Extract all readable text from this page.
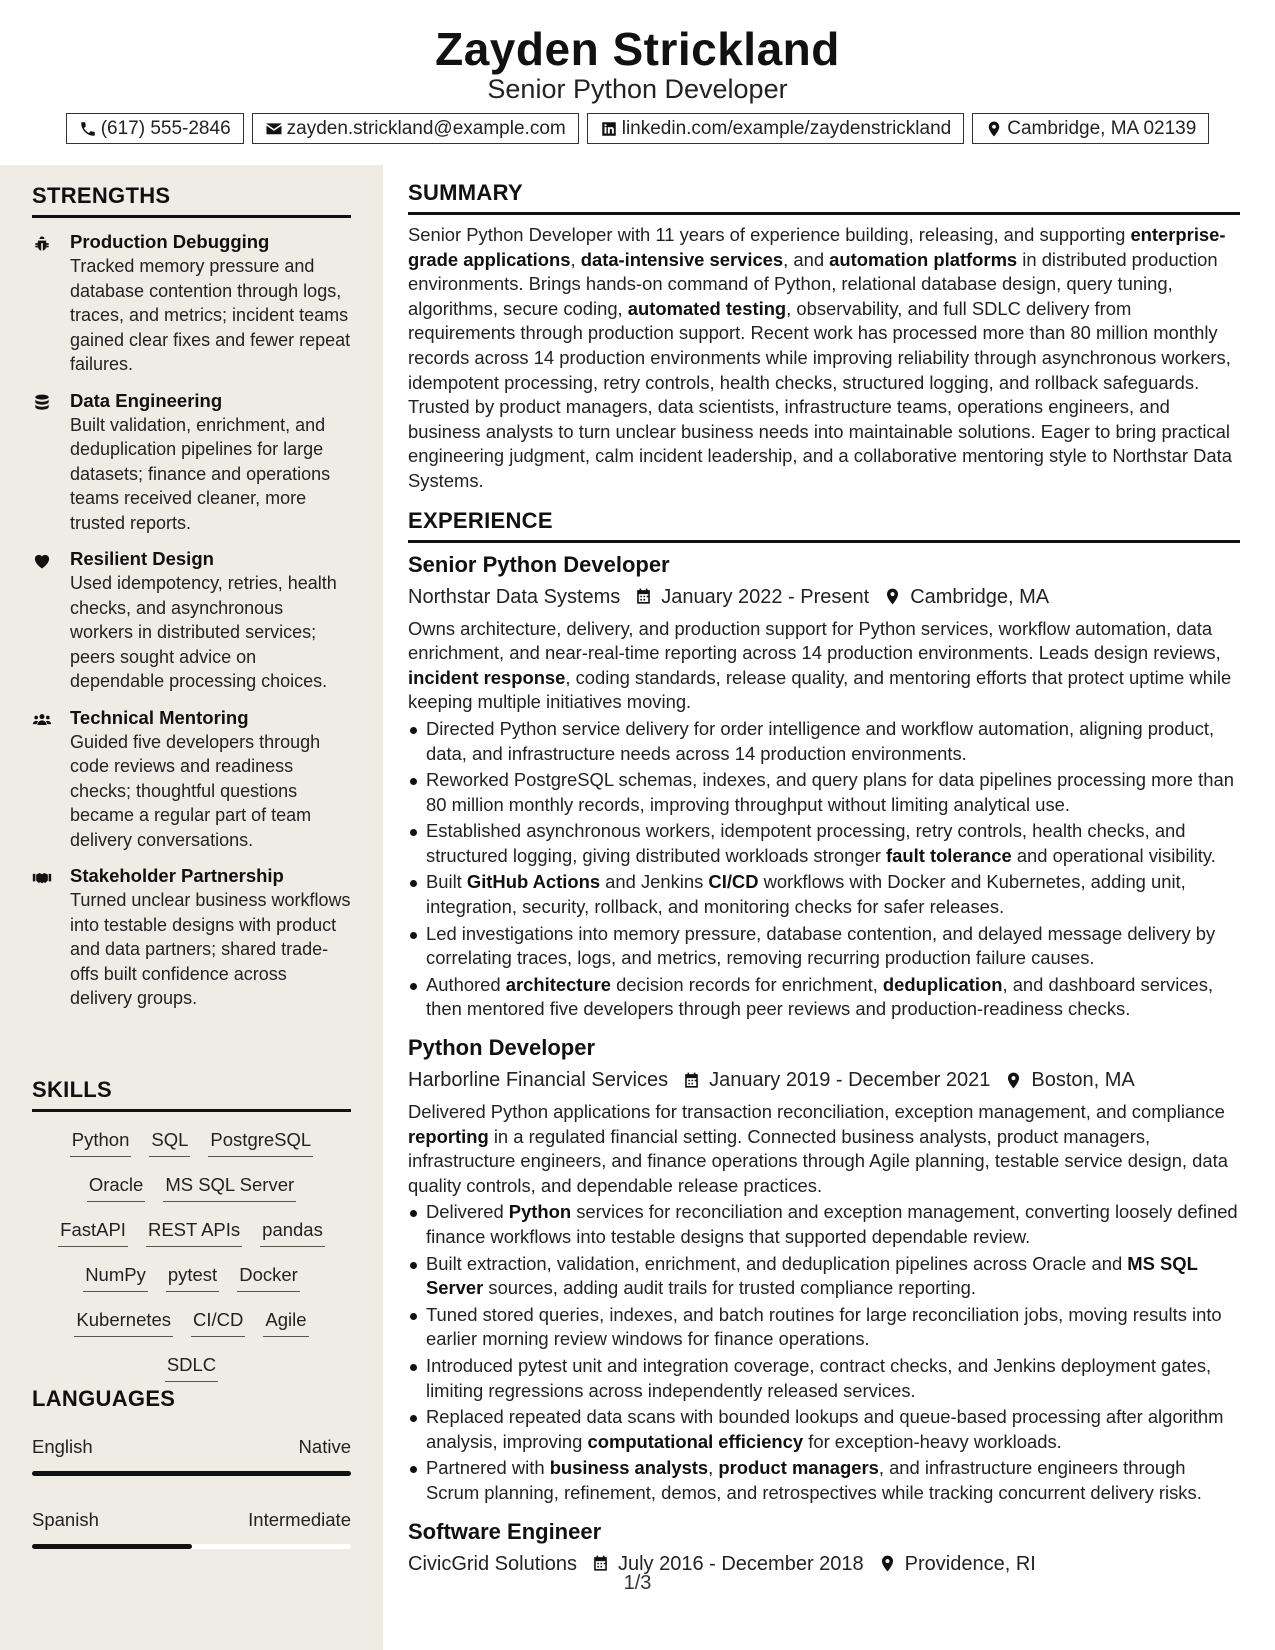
Zayden Strickland
Senior Python Developer
(617) 555-2846	zayden.strickland@example.com	linkedin.com/example/zaydenstrickland	Cambridge, MA 02139
STRENGTHS
Production Debugging
Tracked memory pressure and database contention through logs, traces, and metrics; incident teams gained clear fixes and fewer repeat failures.
Data Engineering
Built validation, enrichment, and deduplication pipelines for large datasets; finance and operations teams received cleaner, more trusted reports.
Resilient Design
Used idempotency, retries, health checks, and asynchronous workers in distributed services; peers sought advice on dependable processing choices.
Technical Mentoring
Guided five developers through code reviews and readiness checks; thoughtful questions became a regular part of team delivery conversations.
Stakeholder Partnership
Turned unclear business workflows into testable designs with product and data partners; shared trade-offs built confidence across delivery groups.
SKILLS
Python SQL PostgreSQL
Oracle MS SQL Server
FastAPI REST APIs pandas
NumPy pytest Docker
Kubernetes CI/CD Agile
SDLC
LANGUAGES
English	Native
Spanish	Intermediate
SUMMARY
Senior Python Developer with 11 years of experience building, releasing, and supporting enterprise-grade applications, data-intensive services, and automation platforms in distributed production environments. Brings hands-on command of Python, relational database design, query tuning, algorithms, secure coding, automated testing, observability, and full SDLC delivery from requirements through production support. Recent work has processed more than 80 million monthly records across 14 production environments while improving reliability through asynchronous workers, idempotent processing, retry controls, health checks, structured logging, and rollback safeguards. Trusted by product managers, data scientists, infrastructure teams, operations engineers, and business analysts to turn unclear business needs into maintainable solutions. Eager to bring practical engineering judgment, calm incident leadership, and a collaborative mentoring style to Northstar Data Systems.
EXPERIENCE
Senior Python Developer
Northstar Data Systems January 2022 - Present Cambridge, MA
Owns architecture, delivery, and production support for Python services, workflow automation, data enrichment, and near-real-time reporting across 14 production environments. Leads design reviews, incident response, coding standards, release quality, and mentoring efforts that protect uptime while keeping multiple initiatives moving.
Directed Python service delivery for order intelligence and workflow automation, aligning product, data, and infrastructure needs across 14 production environments.
Reworked PostgreSQL schemas, indexes, and query plans for data pipelines processing more than 80 million monthly records, improving throughput without limiting analytical use.
Established asynchronous workers, idempotent processing, retry controls, health checks, and structured logging, giving distributed workloads stronger fault tolerance and operational visibility.
Built GitHub Actions and Jenkins CI/CD workflows with Docker and Kubernetes, adding unit, integration, security, rollback, and monitoring checks for safer releases.
Led investigations into memory pressure, database contention, and delayed message delivery by correlating traces, logs, and metrics, removing recurring production failure causes.
Authored architecture decision records for enrichment, deduplication, and dashboard services, then mentored five developers through peer reviews and production-readiness checks.
Python Developer
Harborline Financial Services January 2019 - December 2021 Boston, MA
Delivered Python applications for transaction reconciliation, exception management, and compliance reporting in a regulated financial setting. Connected business analysts, product managers, infrastructure engineers, and finance operations through Agile planning, testable service design, data quality controls, and dependable release practices.
Delivered Python services for reconciliation and exception management, converting loosely defined finance workflows into testable designs that supported dependable review.
Built extraction, validation, enrichment, and deduplication pipelines across Oracle and MS SQL Server sources, adding audit trails for trusted compliance reporting.
Tuned stored queries, indexes, and batch routines for large reconciliation jobs, moving results into earlier morning review windows for finance operations.
Introduced pytest unit and integration coverage, contract checks, and Jenkins deployment gates, limiting regressions across independently released services.
Replaced repeated data scans with bounded lookups and queue-based processing after algorithm analysis, improving computational efficiency for exception-heavy workloads.
Partnered with business analysts, product managers, and infrastructure engineers through Scrum planning, refinement, demos, and retrospectives while tracking concurrent delivery risks.
Software Engineer
CivicGrid Solutions July 2016 - December 2018 Providence, RI
1/3
